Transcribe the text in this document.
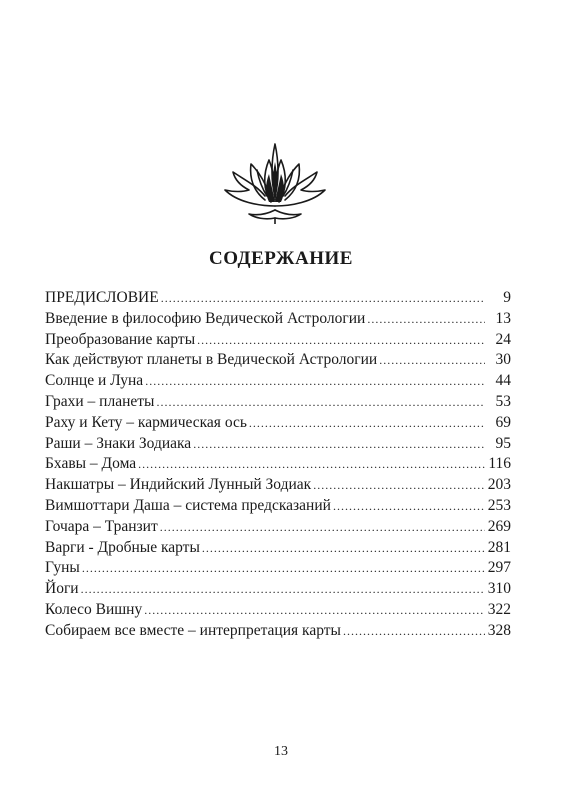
СОДЕРЖАНИЕ
ПРЕДИСЛОВИЕ .....	9
Введение в философию Ведической Астрологии .....	13
Преобразование карты .....	24
Как действуют планеты в Ведической Астрологии .....	30
Солнце и Луна .....	44
Грахи – планеты .....	53
Раху и Кету – кармическая ось .....	69
Раши – Знаки Зодиака .....	95
Бхавы – Дома .....	116
Накшатры – Индийский Лунный Зодиак .....	203
Вимшоттари Даша – система предсказаний .....	253
Гочара – Транзит .....	269
Варги - Дробные карты .....	281
Гуны .....	297
Йоги .....	310
Колесо Вишну .....	322
Собираем все вместе – интерпретация карты .....	328
13
